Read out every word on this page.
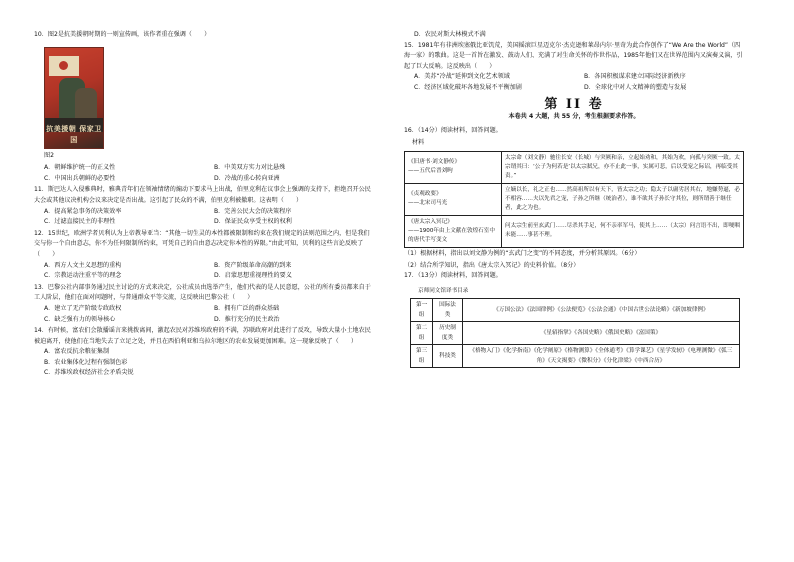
10．图2是抗美援朝时期的一则宣传画，该作者重在强调（　　）

抗美援朝 保家卫国
图2
A．朝鲜维护统一的正义性	B．中美双方实力对比悬殊
C．中国出兵朝鲜的必要性	D．冷战的重心转向亚洲

11．斯巴达人入侵雅典时，雅典青年们在领袖情绪的煽动下要求马上出战，伯里克利在议事会上强调的支持下，拒绝召开公民大会或其他议决机构会议来决定是否出战。这引起了民众的不满，伯里克利被撤职。这表明（　　）

A．提高紧急事务的决策效率	B．完善公民大会的决策程序
C．过滤直接民主的非理性	D．保证民众享受主权的权利

12．15世纪，欧洲学者贝利认为上帝教导亚当：“其他一切生灵的本性都被限制和约束在我们规定的法则范围之内，但是我们交与你一个自由意志，你不为任何限制所约束，可凭自己的自由意志决定你本性的界限。”由此可知，贝利的这些言论反映了（　　）

A．西方人文主义思想的重构	B．资产阶级革命高潮的到来
C．宗教运动注重平等的理念	D．启蒙思想重视理性的要义

13．巴黎公社内部事务通过民主讨论的方式来决定，公社成员由选举产生，他们代表的是人民意愿，公社的所有委员都来自于工人阶层，他们在面对问题时，与普通群众平等交流，这反映出巴黎公社（　　）

A．建立了无产阶级专政政权	B．拥有广泛的群众基础
C．缺乏强有力的领导核心	D．推行充分的民主政治

14．有时候，富农们会散播谣言来挑拨离间，激起农民对苏维埃政府的不满，苏联政府对此进行了反攻，导致大量小土地农民被迫离开，使他们在当地失去了立足之处，并且在西伯利亚和乌拉尔地区的农业发展更加困难。这一现象反映了（　　）

A．富农反抗余粮征集制
B．农业集体化过程有强制色彩
C．苏维埃政权经济社会矛盾尖锐
D．农民对斯大林模式不满

15．1981年有非洲埃塞俄比亚饥荒，美国摇滚巨星迈克尔·杰克逊和莱昂内尔·里奇为此合作创作了“We Are the World”（四海一家）的歌曲。这是一首旨在激发、鼓动人们、充满了对生命关怀的作世作品，1985年他们又在世界范围内又演奏义演，引起了巨大反响。这反映出（　　）

A．美苏“冷战”延伸到文化艺术领域	B．各国积极谋求建立国际经济新秩序
C．经济区域化破坏各地发展不平衡加剧	D．全球化中对人文精神的塑造与发展
第 II 卷
本卷共 4 大题，共 55 分，考生根据要求作答。

16．（14分）阅读材料，回答问题。

材料
《旧唐书·刘文静传》
——五代后晋刘昫	太宗命（刘文静）驰往长安（长城）与突厥和亲，立起始劝和，其始为欢，向孤与突厥一致。太宗谓其曰：‘公子为何若是’以太宗弑兄，亦不止此一事，实属可悲，后以受宠之际诏，再临受其责。”
《贞观政要》
——北宋司马光	立嫡以长，礼之正也……然高祖所以有天下，皆太宗之功；隐太子以庸劣居其右，地嫌势逼，必不相容……夫以先君之宠，子孙之所继（统治者），谁不欲其子孙长守其位，则所谓善于继任者，此之为也。
《唐太宗入冥记》
——1900年由上文献在敦煌石室中的唐代手写变文	问太宗生前至玄武门……尽杀其手足，何不亲率军马，使其上……（太宗）问言语不出，即哽咽未能……事甚不理。
（1）根据材料，指出以刘文静为例的“玄武门之变”的不同态度，并分析其原因。（6分）
（2）结合所学知识，指出《唐太宗入冥记》的史料价值。（8分）

17．（13分）阅读材料，回答问题。

京师同文馆译书目录
第一组	国际法类	《万国公法》《法国律例》《公法便览》《公法会通》《中国古世公法论略》《新加坡律例》
第二组	历史制度类	《星轺指掌》《各国史略》《俄国史略》《富国策》
第三组	科技类	《格物入门》《化学指南》《化学阐原》《格物测算》《全体通考》《算学课艺》《星学发轫》《电理测微》《弧三角》《天文揭要》《微积分》《分化津梁》《中西合历》
